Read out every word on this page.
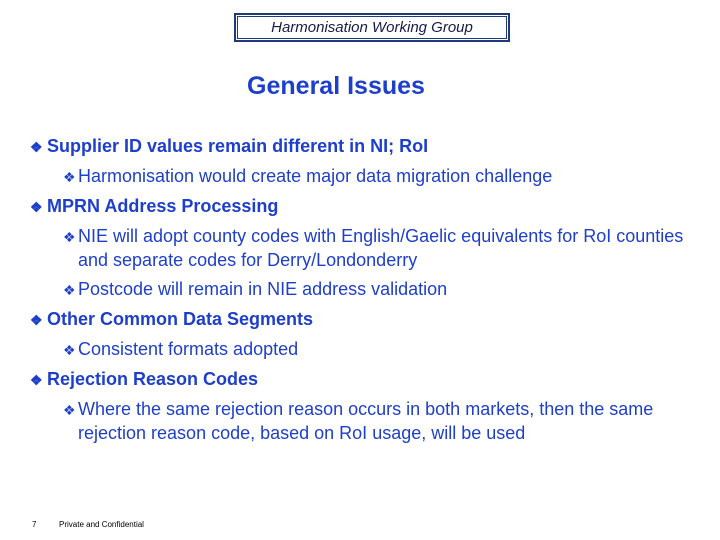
Harmonisation Working Group
General Issues
❖ Supplier ID values remain different in NI; RoI
❖ Harmonisation would create major data migration challenge
❖ MPRN Address Processing
❖ NIE will adopt county codes with English/Gaelic equivalents for RoI counties and separate codes for Derry/Londonderry
❖ Postcode will remain in NIE address validation
❖ Other Common Data Segments
❖ Consistent formats adopted
❖ Rejection Reason Codes
❖ Where the same rejection reason occurs in both markets, then the same rejection reason code, based on RoI usage, will be used
7	Private and Confidential
